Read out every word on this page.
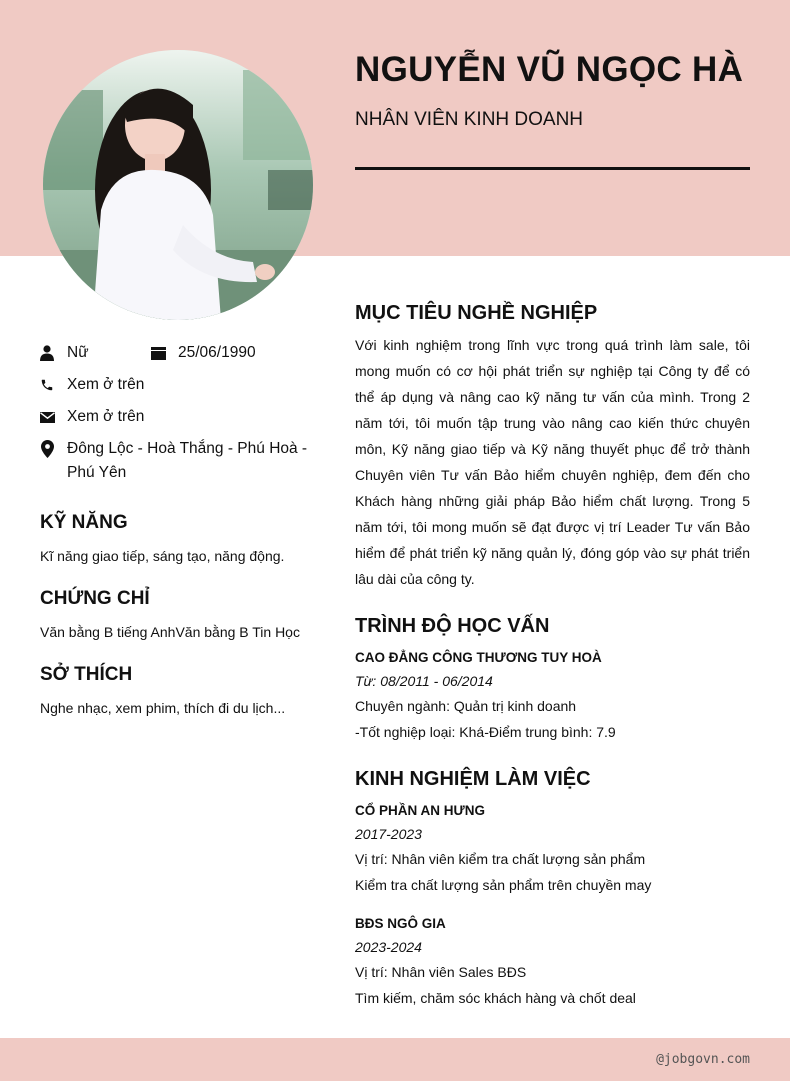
NGUYỄN VŨ NGỌC HÀ
NHÂN VIÊN KINH DOANH
Nữ	25/06/1990
Xem ở trên
Xem ở trên
Đông Lộc - Hoà Thắng - Phú Hoà -
Phú Yên
KỸ NĂNG
Kĩ năng giao tiếp, sáng tạo, năng động.
CHỨNG CHỈ
Văn bằng B tiếng AnhVăn bằng B Tin Học
SỞ THÍCH
Nghe nhạc, xem phim, thích đi du lịch...
MỤC TIÊU NGHỀ NGHIỆP
Với kinh nghiệm trong lĩnh vực trong quá trình làm sale, tôi mong muốn có cơ hội phát triển sự nghiệp tại Công ty để có thể áp dụng và nâng cao kỹ năng tư vấn của mình. Trong 2 năm tới, tôi muốn tập trung vào nâng cao kiến thức chuyên môn, Kỹ năng giao tiếp và Kỹ năng thuyết phục để trở thành Chuyên viên Tư vấn Bảo hiểm chuyên nghiệp, đem đến cho Khách hàng những giải pháp Bảo hiểm chất lượng. Trong 5 năm tới, tôi mong muốn sẽ đạt được vị trí Leader Tư vấn Bảo hiểm để phát triển kỹ năng quản lý, đóng góp vào sự phát triển lâu dài của công ty.
TRÌNH ĐỘ HỌC VẤN
CAO ĐẲNG CÔNG THƯƠNG TUY HOÀ
Từ: 08/2011 - 06/2014
Chuyên ngành: Quản trị kinh doanh
-Tốt nghiệp loại: Khá-Điểm trung bình: 7.9
KINH NGHIỆM LÀM VIỆC
CỔ PHẦN AN HƯNG
2017-2023
Vị trí: Nhân viên kiểm tra chất lượng sản phẩm
Kiểm tra chất lượng sản phẩm trên chuyền may
BĐS NGÔ GIA
2023-2024
Vị trí: Nhân viên Sales BĐS
Tìm kiếm, chăm sóc khách hàng và chốt deal
@jobgovn.com
